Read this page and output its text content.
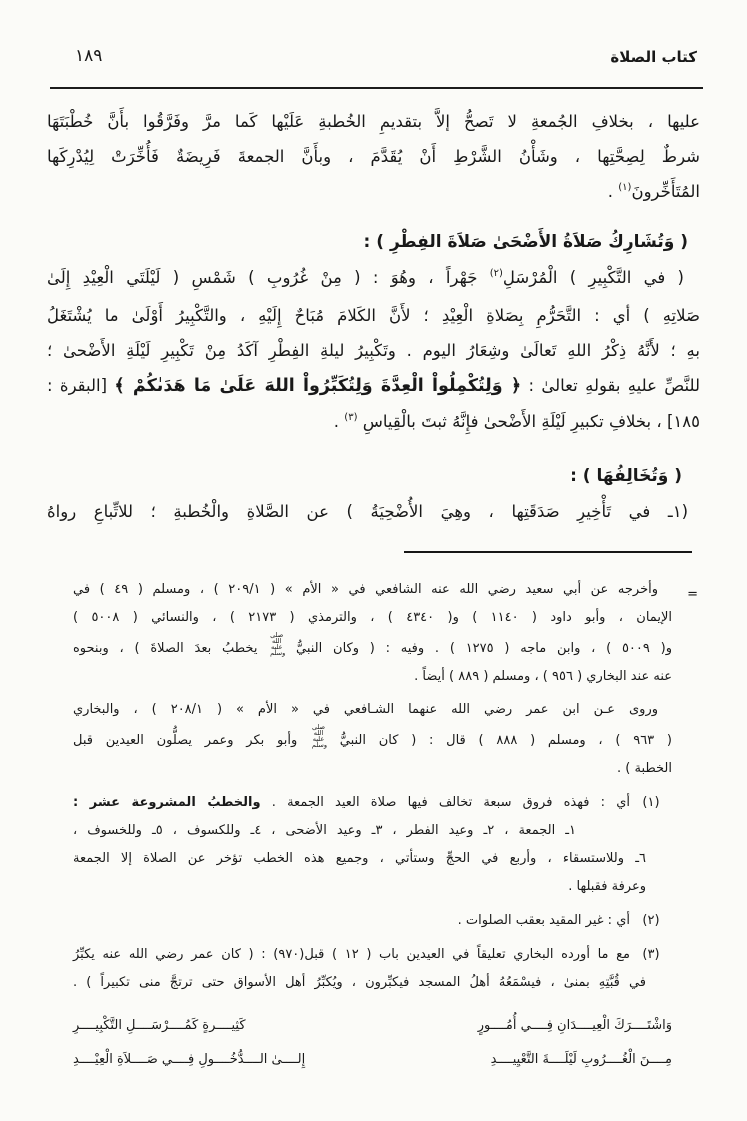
كتاب الصلاة
١٨٩

عليها ، بخلافِ الجُمعةِ لا تَصحُّ إلاَّ بتقديمِ الخُطبةِ عَلَيْها كَما مرَّ وفَرَّقُوا بأَنَّ خُطْبَتَهَا

شرطٌ لِصِحَّتِها ، وشَأْنُ الشَّرْطِ أَنْ يُقَدَّمَ ، وبأَنَّ الجمعةَ فَرِيضَةٌ فَأُخِّرَتْ لِيُدْرِكَها

المُتَأَخِّرونَ$^{(١)}$ .

( وَتُشَارِكُ صَلاَةُ الأَضْحَىٰ صَلاَةَ الفِطْرِ ) :

( في التَّكْبِيرِ ) الْمُرْسَلِ$^{(٢)}$ جَهْراً ، وهُوَ : ( مِنْ غُرُوبِ ) شَمْسِ ( لَيْلَتَي الْعِيْدِ إِلَىٰ

صَلاتِهِ ) أي : التَّحَرُّمِ بِصَلاةِ الْعِيْدِ ؛ لأَنَّ الكَلامَ مُبَاحٌ إِلَيْهِ ، والتَّكْبِيرُ أَوْلَىٰ ما يُشْتَغَلُ

بهِ ؛ لأَنَّهُ ذِكْرُ اللهِ تَعالَىٰ وشِعَارُ اليوم . وتَكْبِيرُ ليلةِ الفِطْرِ آكَدُ مِنْ تَكْبِيرِ لَيْلَةِ الأَضْحىٰ ؛

للنَّصِّ عليهِ بقولهِ تعالىٰ : ﴿ وَلِتُكْمِلُواْ الْعِدَّةَ وَلِتُكَبِّرُواْ اللهَ عَلَىٰ مَا هَدَىٰكُمْ ﴾ [البقرة :

١٨٥] ، بخلافِ تكبيرِ لَيْلَةِ الأَضْحىٰ فإِنَّهُ ثبتَ بالْقِياسِ $^{(٣)}$ .

( وَتُخَالِفُهَا ) :

(١ـ في تَأْخِيرِ صَدَقَتِها ، وهِيَ الأُضْحِيَةُ ) عن الصَّلاةِ والْخُطبةِ ؛ للاتِّباعِ رواهُ

=

وأخرجه عن أبي سعيد رضي الله عنه الشافعي في « الأم » ( ٢٠٩/١ ) ، ومسلم ( ٤٩ ) في

الإيمان ، وأبو داود ( ١١٤٠ ) و( ٤٣٤٠ ) ، والترمذي ( ٢١٧٣ ) ، والنسائي ( ٥٠٠٨ )

و( ٥٠٠٩ ) ، وابن ماجه ( ١٢٧٥ ) . وفيه : ( وكان النبيُّ صلى الله عليه وسلم يخطبُ بعدَ الصلاةَ ) ، وبنحوه

عنه عند البخاري ( ٩٥٦ ) ، ومسلم ( ٨٨٩ ) أيضاً .

وروى عـن ابن عمر رضي الله عنهما الشـافعي في « الأم » ( ٢٠٨/١ ) ، والبخاري

( ٩٦٣ ) ، ومسلم ( ٨٨٨ ) قال : ( كان النبيُّ صلى الله عليه وسلم وأبو بكر وعمر يصلُّون العيدين قبل

الخطبة ) .

(١)

أي : فهذه فروق سبعة تخالف فيها صلاة العيد الجمعة . والخطبُ المشروعة عشر :

١ـ الجمعة ، ٢ـ وعيد الفطر ، ٣ـ وعيد الأضحى ، ٤ـ وللكسوف ، ٥ـ وللخسوف ،

٦ـ وللاستسقاء ، وأربع في الحجِّ وستأتي ، وجميع هذه الخطب تؤخر عن الصلاة إلا الجمعة

وعرفة فقبلها .

(٢)

أي : غير المقيد بعقب الصلوات .

(٣)

مع ما أورده البخاري تعليقاً في العيدين باب ( ١٢ ) قبل(٩٧٠) : ( كان عمر رضي الله عنه يكبِّرُ

في قُبَّتِهِ بمنىٰ ، فيسْمَعُهُ أهلُ المسجد فيكبِّرون ، ويُكبِّرُ أهل الأسواق حتى ترتجَّ منى تكبيراً ) .

وَاشْتَــــرَكَ الْعِيــــدَانِ فِــــي أُمُــــورٍ
كَثِيــــرةٍ كَمُــــرْسَــــلِ التَّكْبِيــــرِ
مِــــنَ الْغُــــرُوبِ لَيْلَــــةَ التَّعْيِيــــدِ
إِلــــىٰ الــــدُّخُــــولِ فِــــي صَــــلاَةِ الْعِيْــــدِ
